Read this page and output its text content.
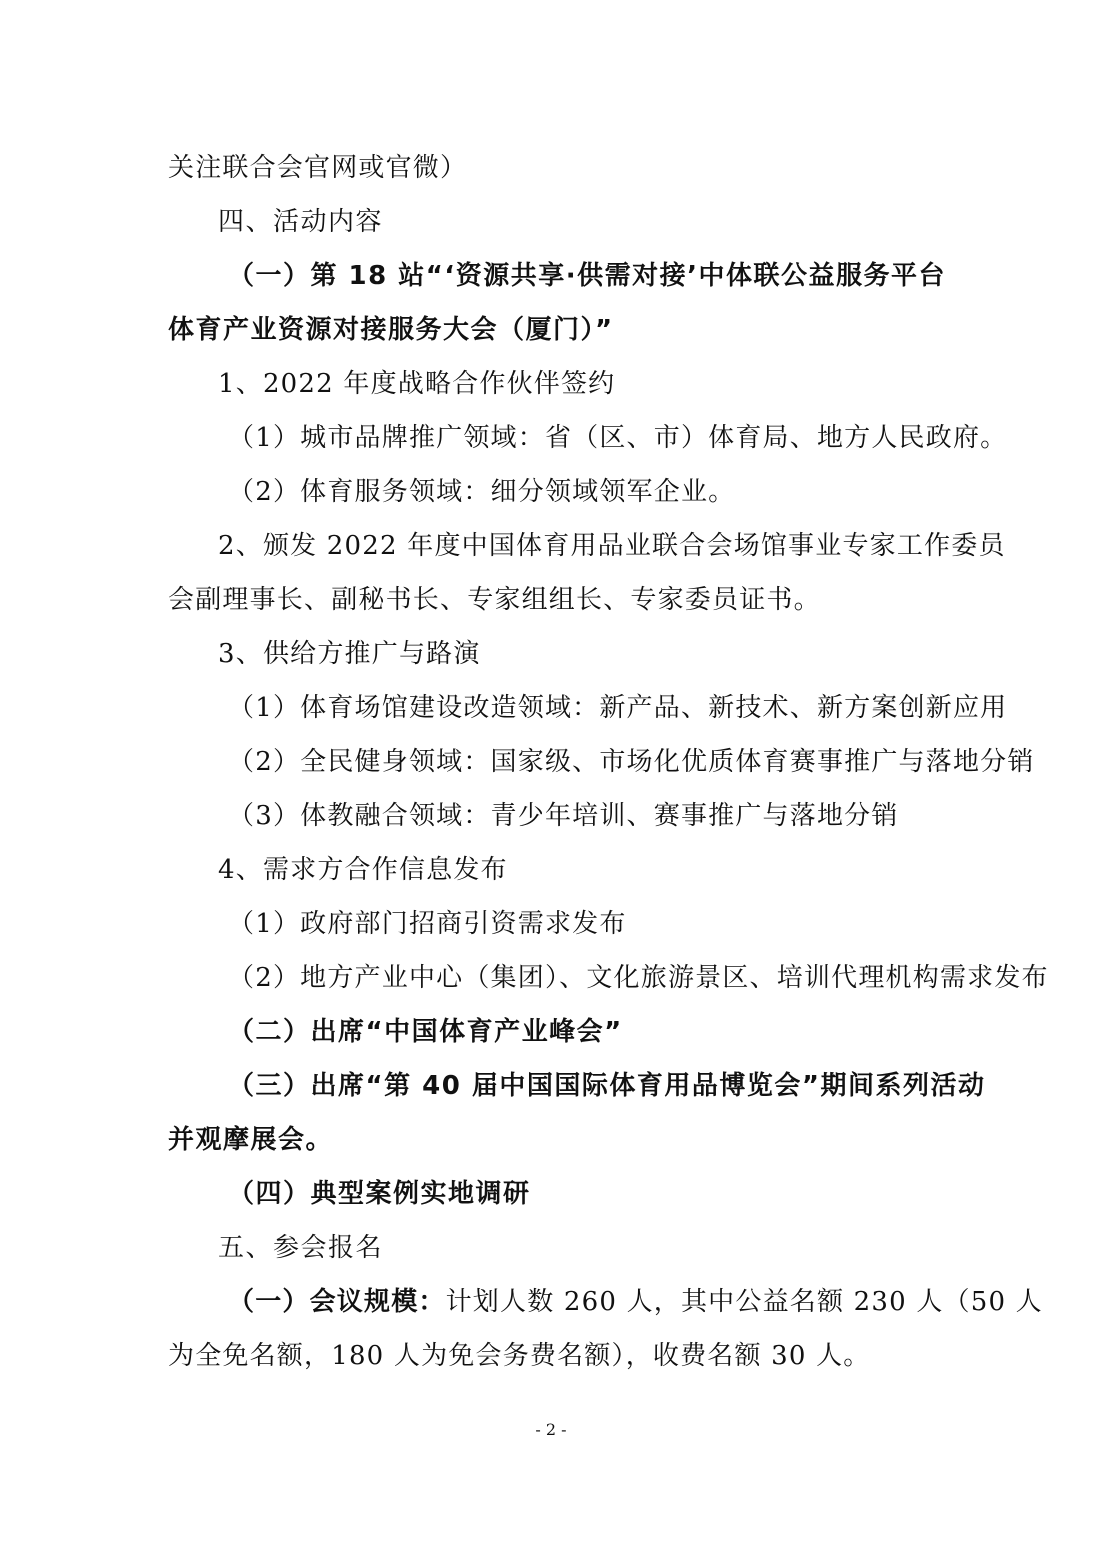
关注联合会官网或官微）
四、活动内容
（一）第 18 站“‘资源共享·供需对接’中体联公益服务平台
体育产业资源对接服务大会（厦门）”
1、2022 年度战略合作伙伴签约
（1）城市品牌推广领域：省（区、市）体育局、地方人民政府。
（2）体育服务领域：细分领域领军企业。
2、颁发 2022 年度中国体育用品业联合会场馆事业专家工作委员
会副理事长、副秘书长、专家组组长、专家委员证书。
3、供给方推广与路演
（1）体育场馆建设改造领域：新产品、新技术、新方案创新应用
（2）全民健身领域：国家级、市场化优质体育赛事推广与落地分销
（3）体教融合领域：青少年培训、赛事推广与落地分销
4、需求方合作信息发布
（1）政府部门招商引资需求发布
（2）地方产业中心（集团）、文化旅游景区、培训代理机构需求发布
（二）出席“中国体育产业峰会”
（三）出席“第 40 届中国国际体育用品博览会”期间系列活动
并观摩展会。
（四）典型案例实地调研
五、参会报名
（一）会议规模：计划人数 260 人，其中公益名额 230 人（50 人
为全免名额，180 人为免会务费名额），收费名额 30 人。
- 2 -
